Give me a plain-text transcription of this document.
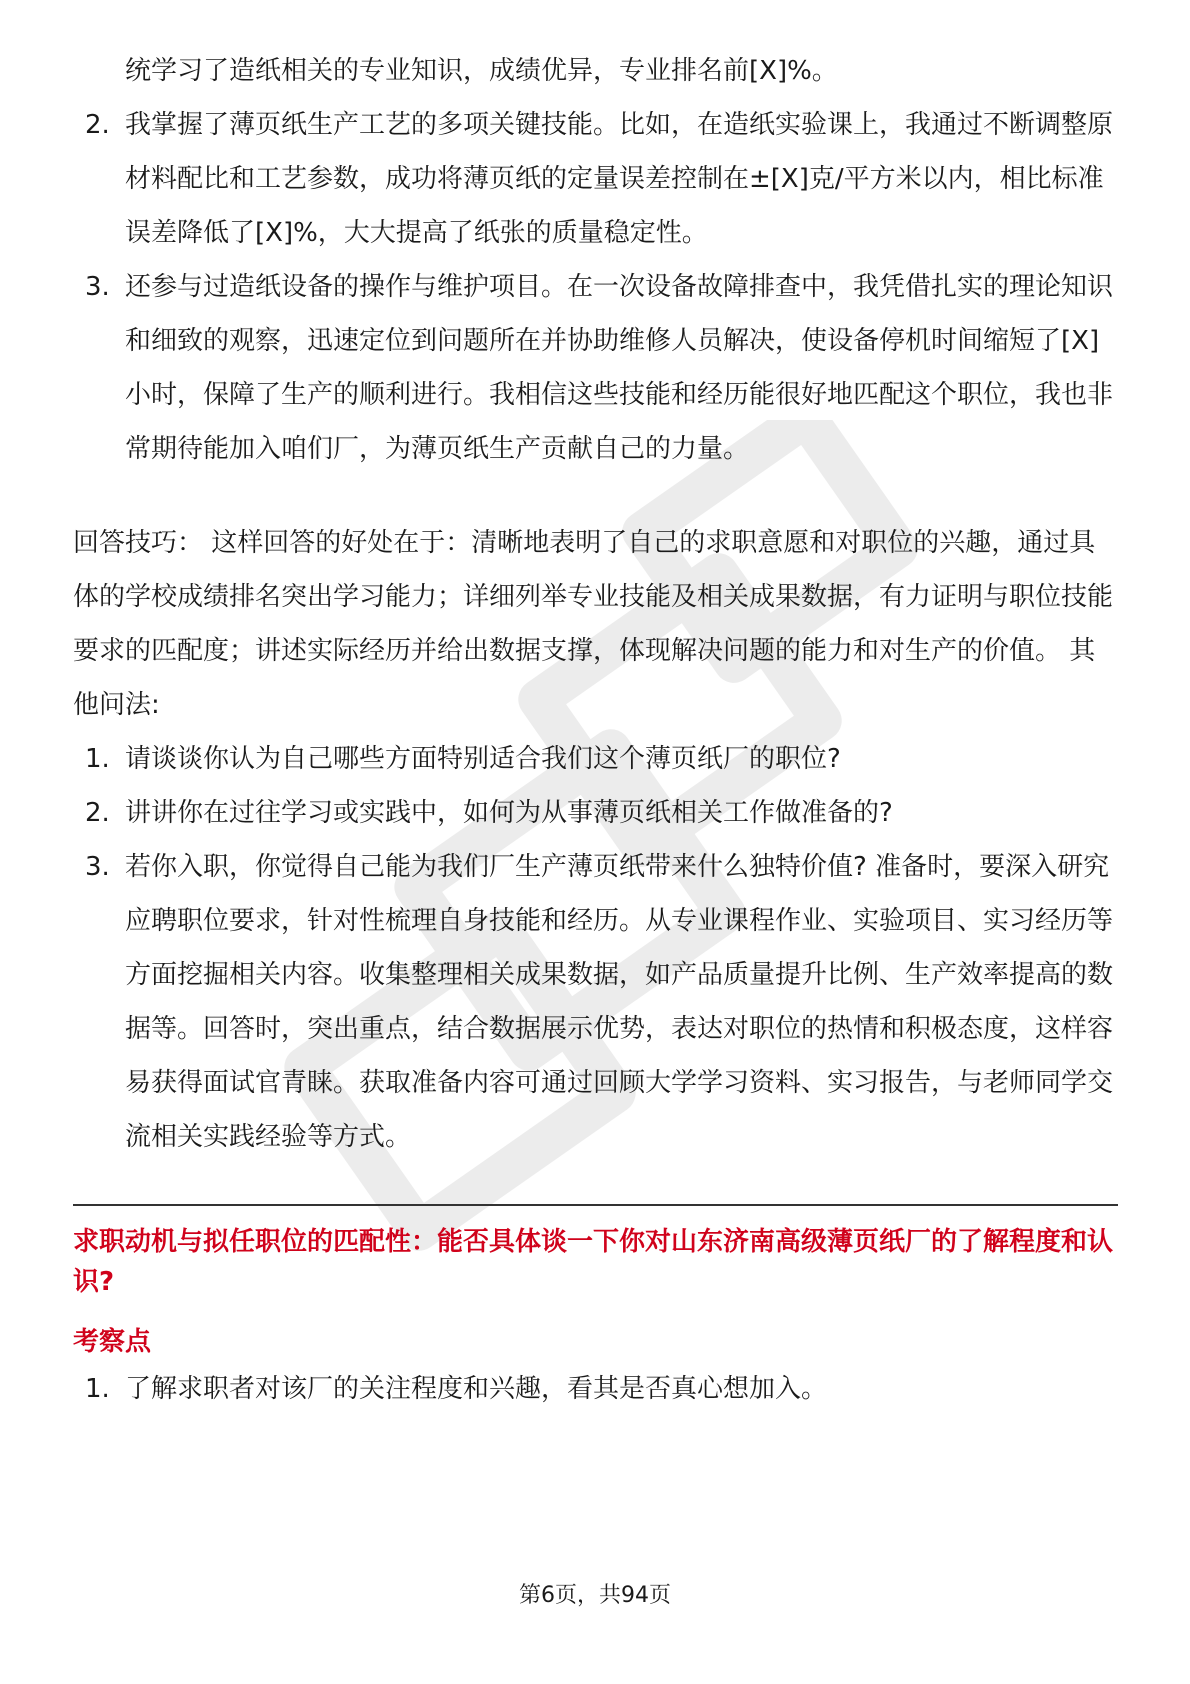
统学习了造纸相关的专业知识，成绩优异，专业排名前[X]%。

2. 我掌握了薄页纸生产工艺的多项关键技能。比如，在造纸实验课上，我通过不断调整原材料配比和工艺参数，成功将薄页纸的定量误差控制在±[X]克/平方米以内，相比标准误差降低了[X]%，大大提高了纸张的质量稳定性。
3. 还参与过造纸设备的操作与维护项目。在一次设备故障排查中，我凭借扎实的理论知识和细致的观察，迅速定位到问题所在并协助维修人员解决，使设备停机时间缩短了[X]小时，保障了生产的顺利进行。我相信这些技能和经历能很好地匹配这个职位，我也非常期待能加入咱们厂，为薄页纸生产贡献自己的力量。

回答技巧： 这样回答的好处在于：清晰地表明了自己的求职意愿和对职位的兴趣，通过具体的学校成绩排名突出学习能力；详细列举专业技能及相关成果数据，有力证明与职位技能要求的匹配度；讲述实际经历并给出数据支撑，体现解决问题的能力和对生产的价值。 其他问法:

1. 请谈谈你认为自己哪些方面特别适合我们这个薄页纸厂的职位?
2. 讲讲你在过往学习或实践中，如何为从事薄页纸相关工作做准备的?
3. 若你入职，你觉得自己能为我们厂生产薄页纸带来什么独特价值? 准备时，要深入研究应聘职位要求，针对性梳理自身技能和经历。从专业课程作业、实验项目、实习经历等方面挖掘相关内容。收集整理相关成果数据，如产品质量提升比例、生产效率提高的数据等。回答时，突出重点，结合数据展示优势，表达对职位的热情和积极态度，这样容易获得面试官青睐。获取准备内容可通过回顾大学学习资料、实习报告，与老师同学交流相关实践经验等方式。

求职动机与拟任职位的匹配性：能否具体谈一下你对山东济南高级薄页纸厂的了解程度和认识?

考察点

1. 了解求职者对该厂的关注程度和兴趣，看其是否真心想加入。
第6页，共94页
